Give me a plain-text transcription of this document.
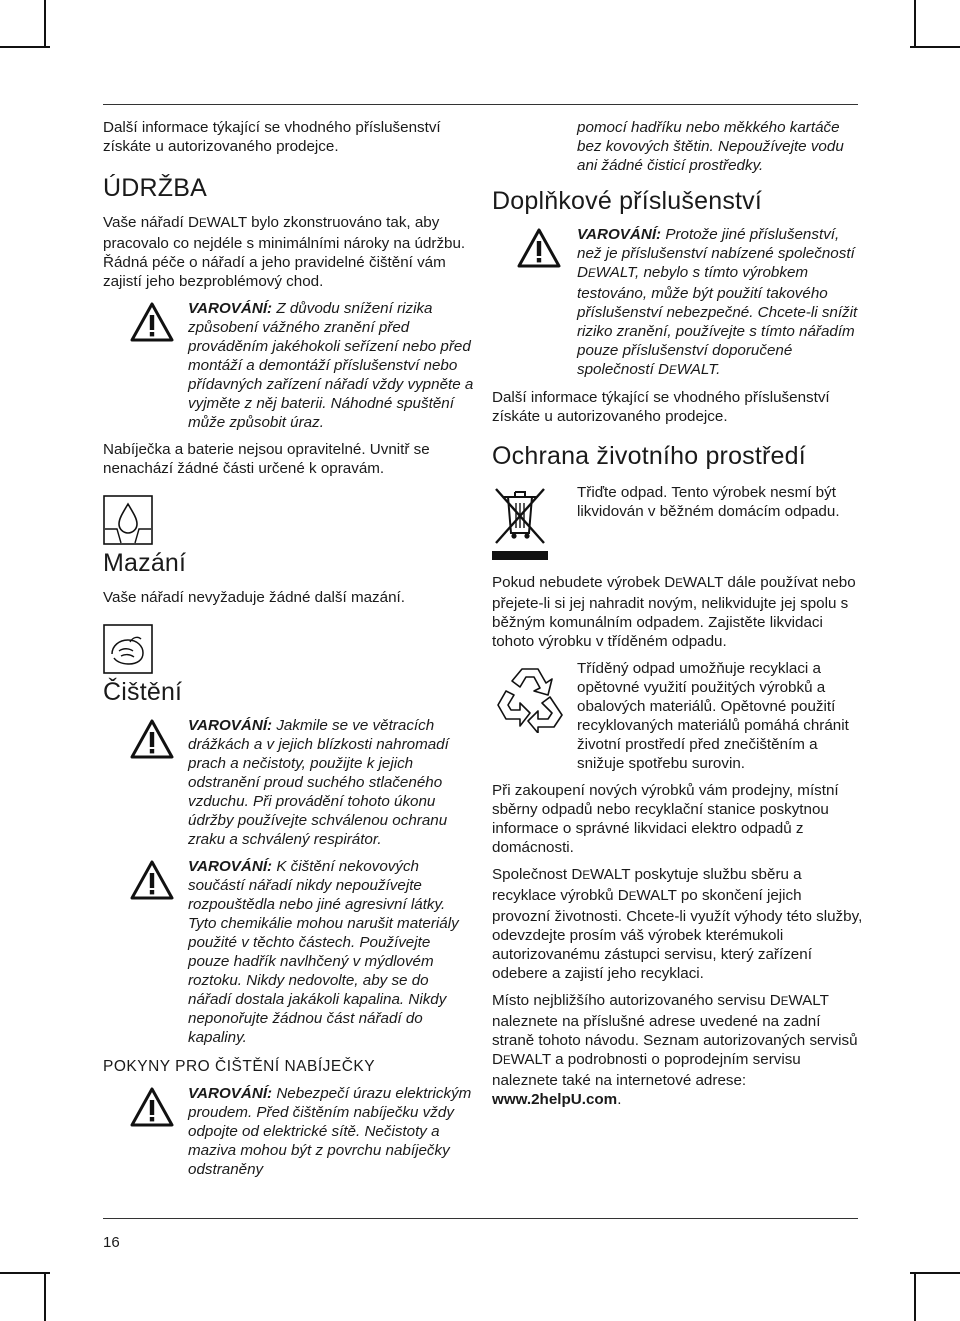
Další informace týkající se vhodného příslušenství získáte u autorizovaného prodejce.

ÚDRŽBA

Vaše nářadí DEWALT bylo zkonstruováno tak, aby pracovalo co nejdéle s minimálními nároky na údržbu. Řádná péče o nářadí a jeho pravidelné čištění vám zajistí jeho bezproblémový chod.

VAROVÁNÍ: Z důvodu snížení rizika způsobení vážného zranění před prováděním jakéhokoli seřízení nebo před montáží a demontáží příslušenství nebo přídavných zařízení nářadí vždy vypněte a vyjměte z něj baterii. Náhodné spuštění může způsobit úraz.

Nabíječka a baterie nejsou opravitelné. Uvnitř se nenachází žádné části určené k opravám.

Mazání

Vaše nářadí nevyžaduje žádné další mazání.

Čištění

VAROVÁNÍ: Jakmile se ve větracích drážkách a v jejich blízkosti nahromadí prach a nečistoty, použijte k jejich odstranění proud suchého stlačeného vzduchu. Při provádění tohoto úkonu údržby používejte schválenou ochranu zraku a schválený respirátor.

VAROVÁNÍ: K čištění nekovových součástí nářadí nikdy nepoužívejte rozpouštědla nebo jiné agresivní látky. Tyto chemikálie mohou narušit materiály použité v těchto částech. Používejte pouze hadřík navlhčený v mýdlovém roztoku. Nikdy nedovolte, aby se do nářadí dostala jakákoli kapalina. Nikdy neponořujte žádnou část nářadí do kapaliny.

POKYNY PRO ČIŠTĚNÍ NABÍJEČKY

VAROVÁNÍ: Nebezpečí úrazu elektrickým proudem. Před čištěním nabíječku vždy odpojte od elektrické sítě. Nečistoty a maziva mohou být z povrchu nabíječky odstraněny

pomocí hadříku nebo měkkého kartáče bez kovových štětin. Nepoužívejte vodu ani žádné čisticí prostředky.

Doplňkové příslušenství

VAROVÁNÍ: Protože jiné příslušenství, než je příslušenství nabízené společností DEWALT, nebylo s tímto výrobkem testováno, může být použití takového příslušenství nebezpečné. Chcete-li snížit riziko zranění, používejte s tímto nářadím pouze příslušenství doporučené společností DEWALT.

Další informace týkající se vhodného příslušenství získáte u autorizovaného prodejce.

Ochrana životního prostředí

Třiďte odpad. Tento výrobek nesmí být likvidován v běžném domácím odpadu.

Pokud nebudete výrobek DEWALT dále používat nebo přejete-li si jej nahradit novým, nelikvidujte jej spolu s běžným komunálním odpadem. Zajistěte likvidaci tohoto výrobku v tříděném odpadu.

Tříděný odpad umožňuje recyklaci a opětovné využití použitých výrobků a obalových materiálů. Opětovné použití recyklovaných materiálů pomáhá chránit životní prostředí před znečištěním a snižuje spotřebu surovin.

Při zakoupení nových výrobků vám prodejny, místní sběrny odpadů nebo recyklační stanice poskytnou informace o správné likvidaci elektro odpadů z domácnosti.

Společnost DEWALT poskytuje službu sběru a recyklace výrobků DEWALT po skončení jejich provozní životnosti. Chcete-li využít výhody této služby, odevzdejte prosím váš výrobek kterémukoli autorizovanému zástupci servisu, který zařízení odebere a zajistí jeho recyklaci.

Místo nejbližšího autorizovaného servisu DEWALT naleznete na příslušné adrese uvedené na zadní straně tohoto návodu. Seznam autorizovaných servisů DEWALT a podrobnosti o poprodejním servisu naleznete také na internetové adrese: www.2helpU.com.

16
